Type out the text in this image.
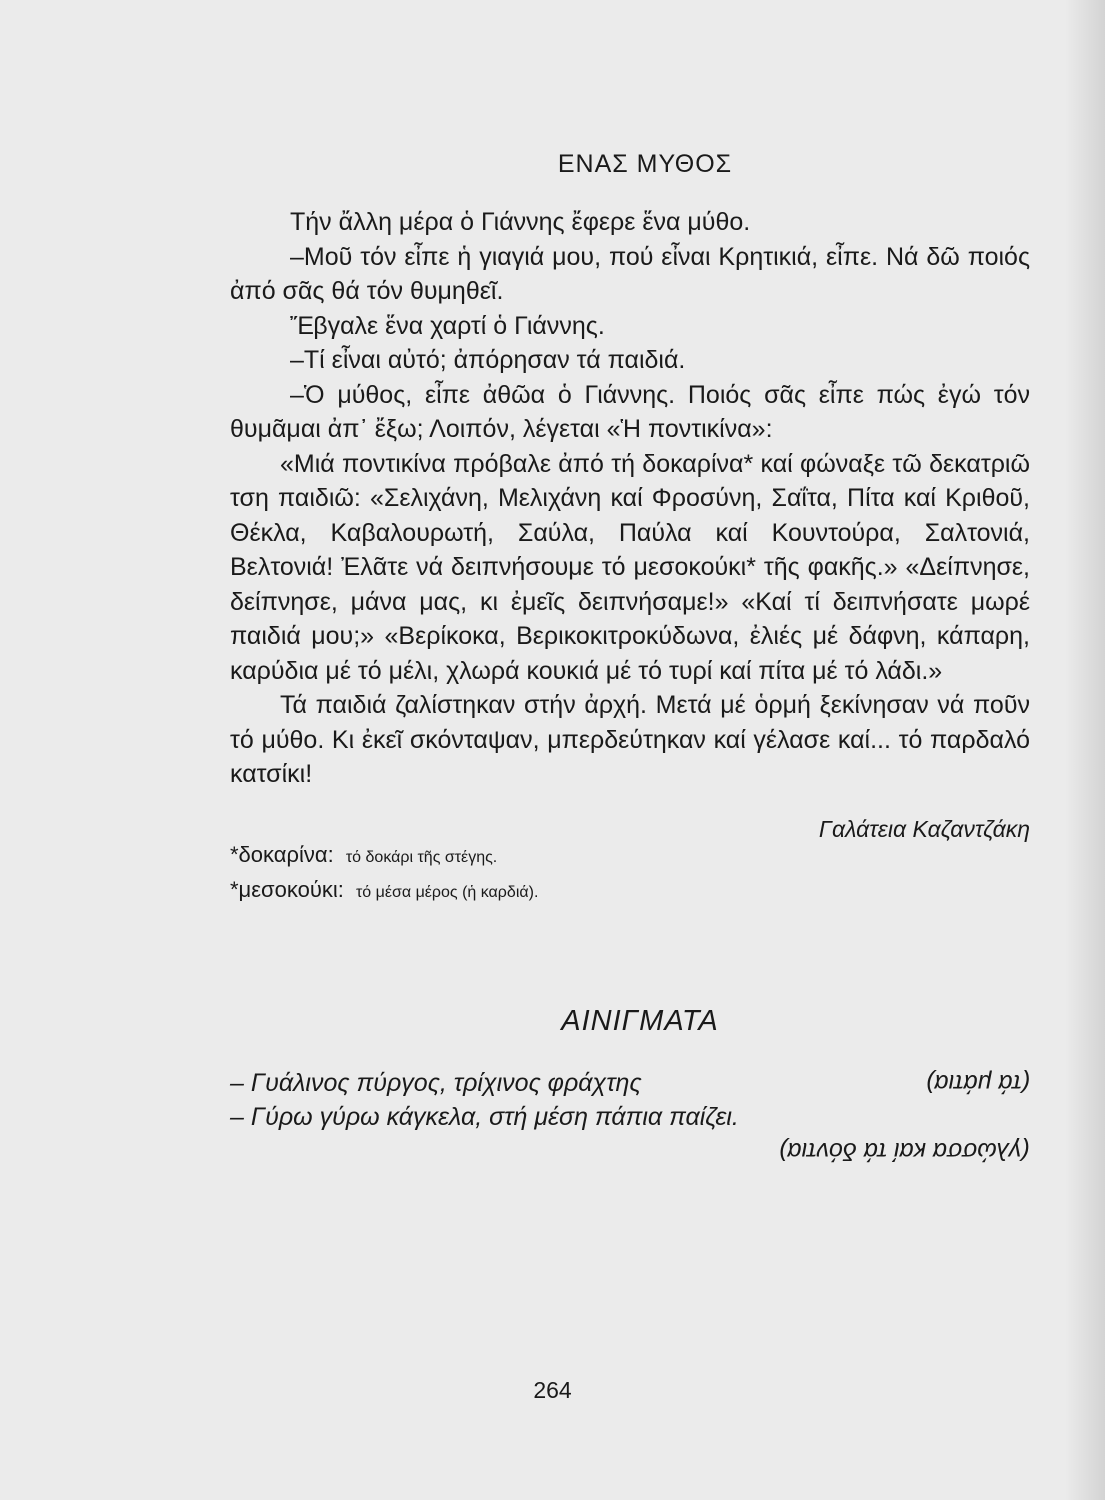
ΕΝΑΣ ΜΥΘΟΣ

Τήν ἄλλη μέρα ὁ Γιάννης ἔφερε ἕνα μύθο.

–Μοῦ τόν εἶπε ἡ γιαγιά μου, πού εἶναι Κρητικιά, εἶπε. Νά δῶ ποιός ἀπό σᾶς θά τόν θυμηθεῖ.

Ἔβγαλε ἕνα χαρτί ὁ Γιάννης.

–Τί εἶναι αὐτό; ἀπόρησαν τά παιδιά.

–Ὁ μύθος, εἶπε ἀθῶα ὁ Γιάννης. Ποιός σᾶς εἶπε πώς ἐγώ τόν θυμᾶμαι ἀπ᾽ ἔξω; Λοιπόν, λέγεται «Ἡ ποντικίνα»:

«Μιά ποντικίνα πρόβαλε ἀπό τή δοκαρίνα* καί φώναξε τῶ δεκατριῶ τση παιδιῶ: «Σελιχάνη, Μελιχάνη καί Φροσύνη, Σαΐτα, Πίτα καί Κριθοῦ, Θέκλα, Καβαλουρωτή, Σαύλα, Παύλα καί Κουντούρα, Σαλτονιά, Βελτονιά! Ἐλᾶτε νά δειπνήσουμε τό μεσοκούκι* τῆς φακῆς.» «Δείπνησε, δείπνησε, μάνα μας, κι ἐμεῖς δειπνήσαμε!» «Καί τί δειπνήσατε μωρέ παιδιά μου;» «Βερίκοκα, Βερικοκιτροκύδωνα, ἐλιές μέ δάφνη, κάπαρη, καρύδια μέ τό μέλι, χλωρά κουκιά μέ τό τυρί καί πίτα μέ τό λάδι.»

Τά παιδιά ζαλίστηκαν στήν ἀρχή. Μετά μέ ὁρμή ξεκίνησαν νά ποῦν τό μύθο. Κι ἐκεῖ σκόνταψαν, μπερδεύτηκαν καί γέλασε καί... τό παρδαλό κατσίκι!

Γαλάτεια Καζαντζάκη

*δοκαρίνα: τό δοκάρι τῆς στέγης.

*μεσοκούκι: τό μέσα μέρος (ἡ καρδιά).

ΑΙΝΙΓΜΑΤΑ

– Γυάλινος πύργος, τρίχινος φράχτης	(τά μάτια)

– Γύρω γύρω κάγκελα, στή μέση πάπια παίζει.

(γλώσσα καί τά δόντια)

264
